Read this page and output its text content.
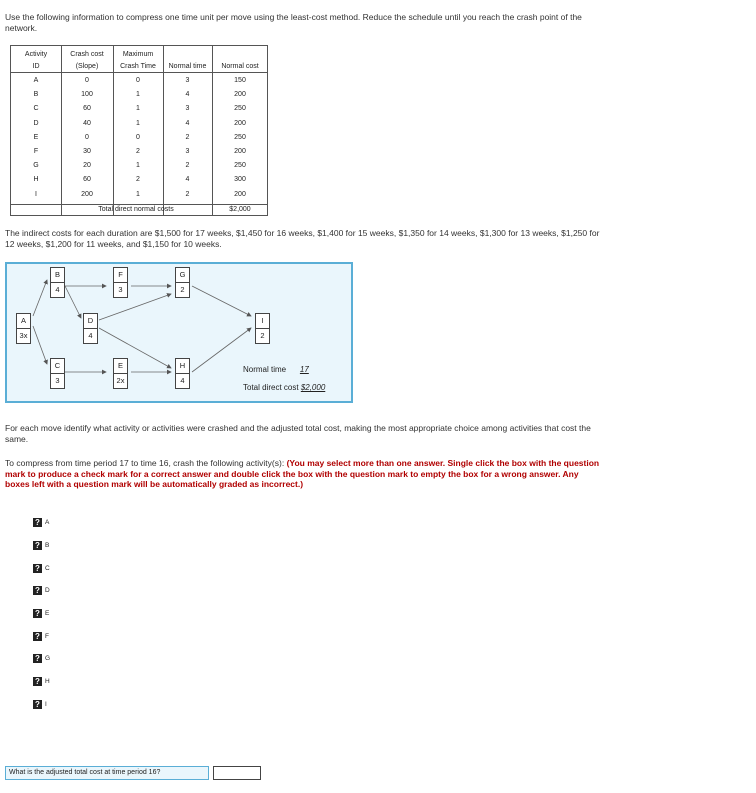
Use the following information to compress one time unit per move using the least-cost method. Reduce the schedule until you reach the crash point of the network.
Activity	Crash cost	Maximum
ID	(Slope)	Crash Time	Normal time	Normal cost
A	0	0	3	150
B	100	1	4	200
C	60	1	3	250
D	40	1	4	200
E	0	0	2	250
F	30	2	3	200
G	20	1	2	250
H	60	2	4	300
I	200	1	2	200
Total direct normal costs	$2,000
The indirect costs for each duration are $1,500 for 17 weeks, $1,450 for 16 weeks, $1,400 for 15 weeks, $1,350 for 14 weeks, $1,300 for 13 weeks, $1,250 for 12 weeks, $1,200 for 11 weeks, and $1,150 for 10 weeks.
A
3x
B
4
C
3
D
4
E
2x
F
3
G
2
H
4
I
2
Normal time 17
Total direct cost $2,000
For each move identify what activity or activities were crashed and the adjusted total cost, making the most appropriate choice among activities that cost the same.
To compress from time period 17 to time 16, crash the following activity(s): (You may select more than one answer. Single click the box with the question mark to produce a check mark for a correct answer and double click the box with the question mark to empty the box for a wrong answer. Any boxes left with a question mark will be automatically graded as incorrect.)
? A
? B
? C
? D
? E
? F
? G
? H
? I
What is the adjusted total cost at time period 16?
